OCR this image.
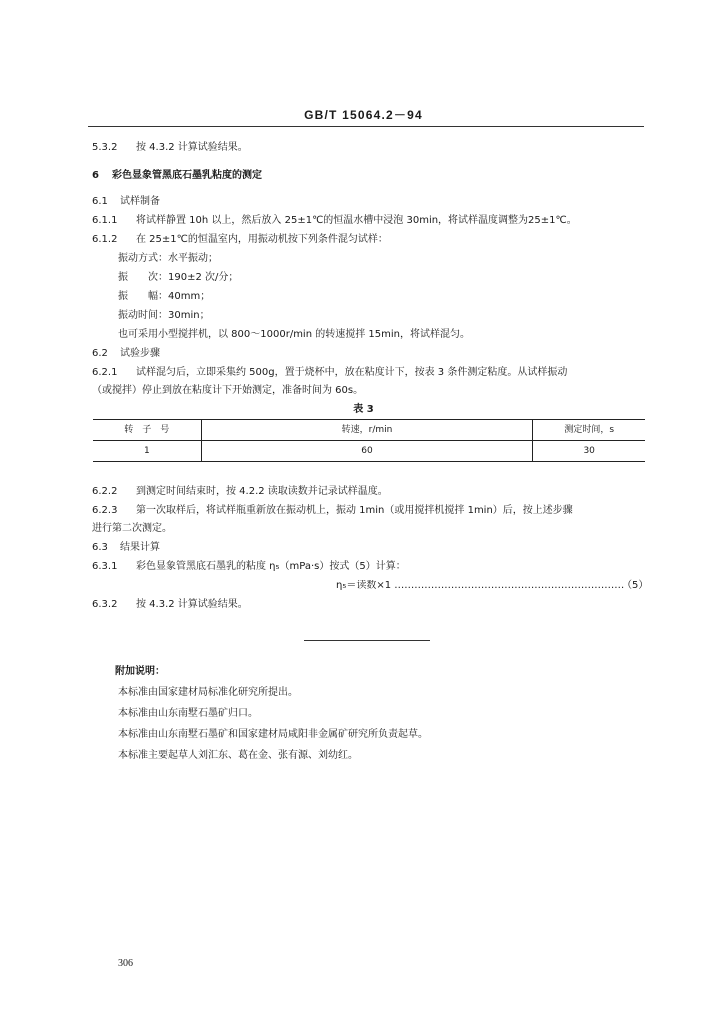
GB/T 15064.2－94
5.3.2 按 4.3.2 计算试验结果。
6 彩色显象管黑底石墨乳粘度的测定
6.1 试样制备
6.1.1 将试样静置 10h 以上，然后放入 25±1℃的恒温水槽中浸泡 30min，将试样温度调整为25±1℃。
6.1.2 在 25±1℃的恒温室内，用振动机按下列条件混匀试样：
振动方式：水平振动；
振　　次：190±2 次/分；
振　　幅：40mm；
振动时间：30min；
也可采用小型搅拌机，以 800～1000r/min 的转速搅拌 15min，将试样混匀。
6.2 试验步骤
6.2.1 试样混匀后，立即采集约 500g，置于烧杯中，放在粘度计下，按表 3 条件测定粘度。从试样振动
（或搅拌）停止到放在粘度计下开始测定，准备时间为 60s。
表 3
转　子　号	转速，r/min	测定时间，s
1	60	30
6.2.2 到测定时间结束时，按 4.2.2 读取读数并记录试样温度。
6.2.3 第一次取样后，将试样瓶重新放在振动机上，振动 1min（或用搅拌机搅拌 1min）后，按上述步骤
进行第二次测定。
6.3 结果计算
6.3.1 彩色显象管黑底石墨乳的粘度 η₅（mPa·s）按式（5）计算：
η₅＝读数×1 ……………………………………………………………
（5）
6.3.2 按 4.3.2 计算试验结果。
附加说明：
本标准由国家建材局标准化研究所提出。
本标准由山东南墅石墨矿归口。
本标准由山东南墅石墨矿和国家建材局咸阳非金属矿研究所负责起草。
本标准主要起草人刘汇东、葛在金、张有源、刘幼红。
306
